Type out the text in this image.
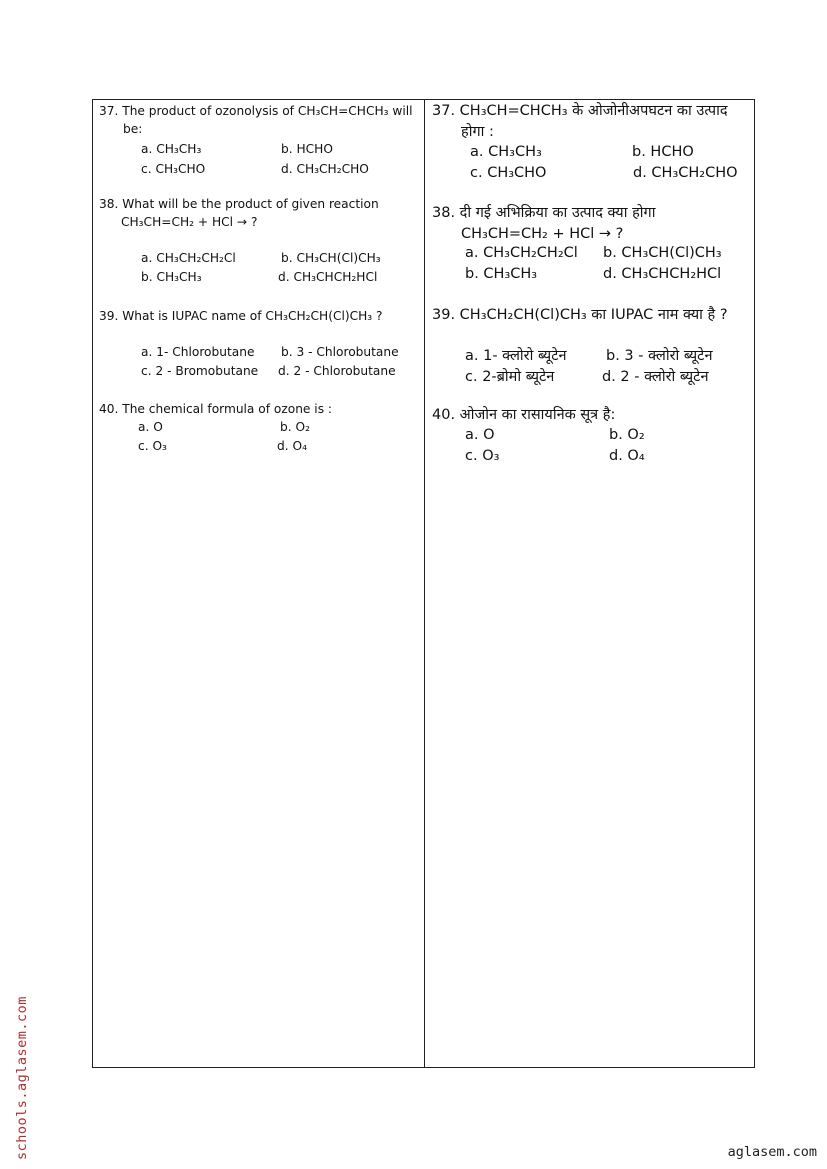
37. The product of ozonolysis of CH₃CH=CHCH₃ will
be:
a. CH₃CH₃	b. HCHO
c. CH₃CHO	d. CH₃CH₂CHO
38. What will be the product of given reaction
CH₃CH=CH₂ + HCl → ?
a. CH₃CH₂CH₂Cl	b. CH₃CH(Cl)CH₃
b. CH₃CH₃	d. CH₃CHCH₂HCl
39. What is IUPAC name of CH₃CH₂CH(Cl)CH₃ ?
a. 1- Chlorobutane b. 3 - Chlorobutane
c. 2 - Bromobutane d. 2 - Chlorobutane
40. The chemical formula of ozone is :
a. O	b. O₂
c. O₃	d. O₄
37. CH₃CH=CHCH₃ के ओजोनीअपघटन का उत्पाद
होगा :
a. CH₃CH₃	b. HCHO
c. CH₃CHO	d. CH₃CH₂CHO
38. दी गई अभिक्रिया का उत्पाद क्या होगा
CH₃CH=CH₂ + HCl → ?
a. CH₃CH₂CH₂Cl b. CH₃CH(Cl)CH₃
b. CH₃CH₃	d. CH₃CHCH₂HCl
39. CH₃CH₂CH(Cl)CH₃ का IUPAC नाम क्या है ?
a. 1- क्लोरो ब्यूटेन	b. 3 - क्लोरो ब्यूटेन
c. 2-ब्रोमो ब्यूटेन	d. 2 - क्लोरो ब्यूटेन
40. ओजोन का रासायनिक सूत्र है:
a. O	b. O₂
c. O₃	d. O₄
schools.aglasem.com	aglasem.com
